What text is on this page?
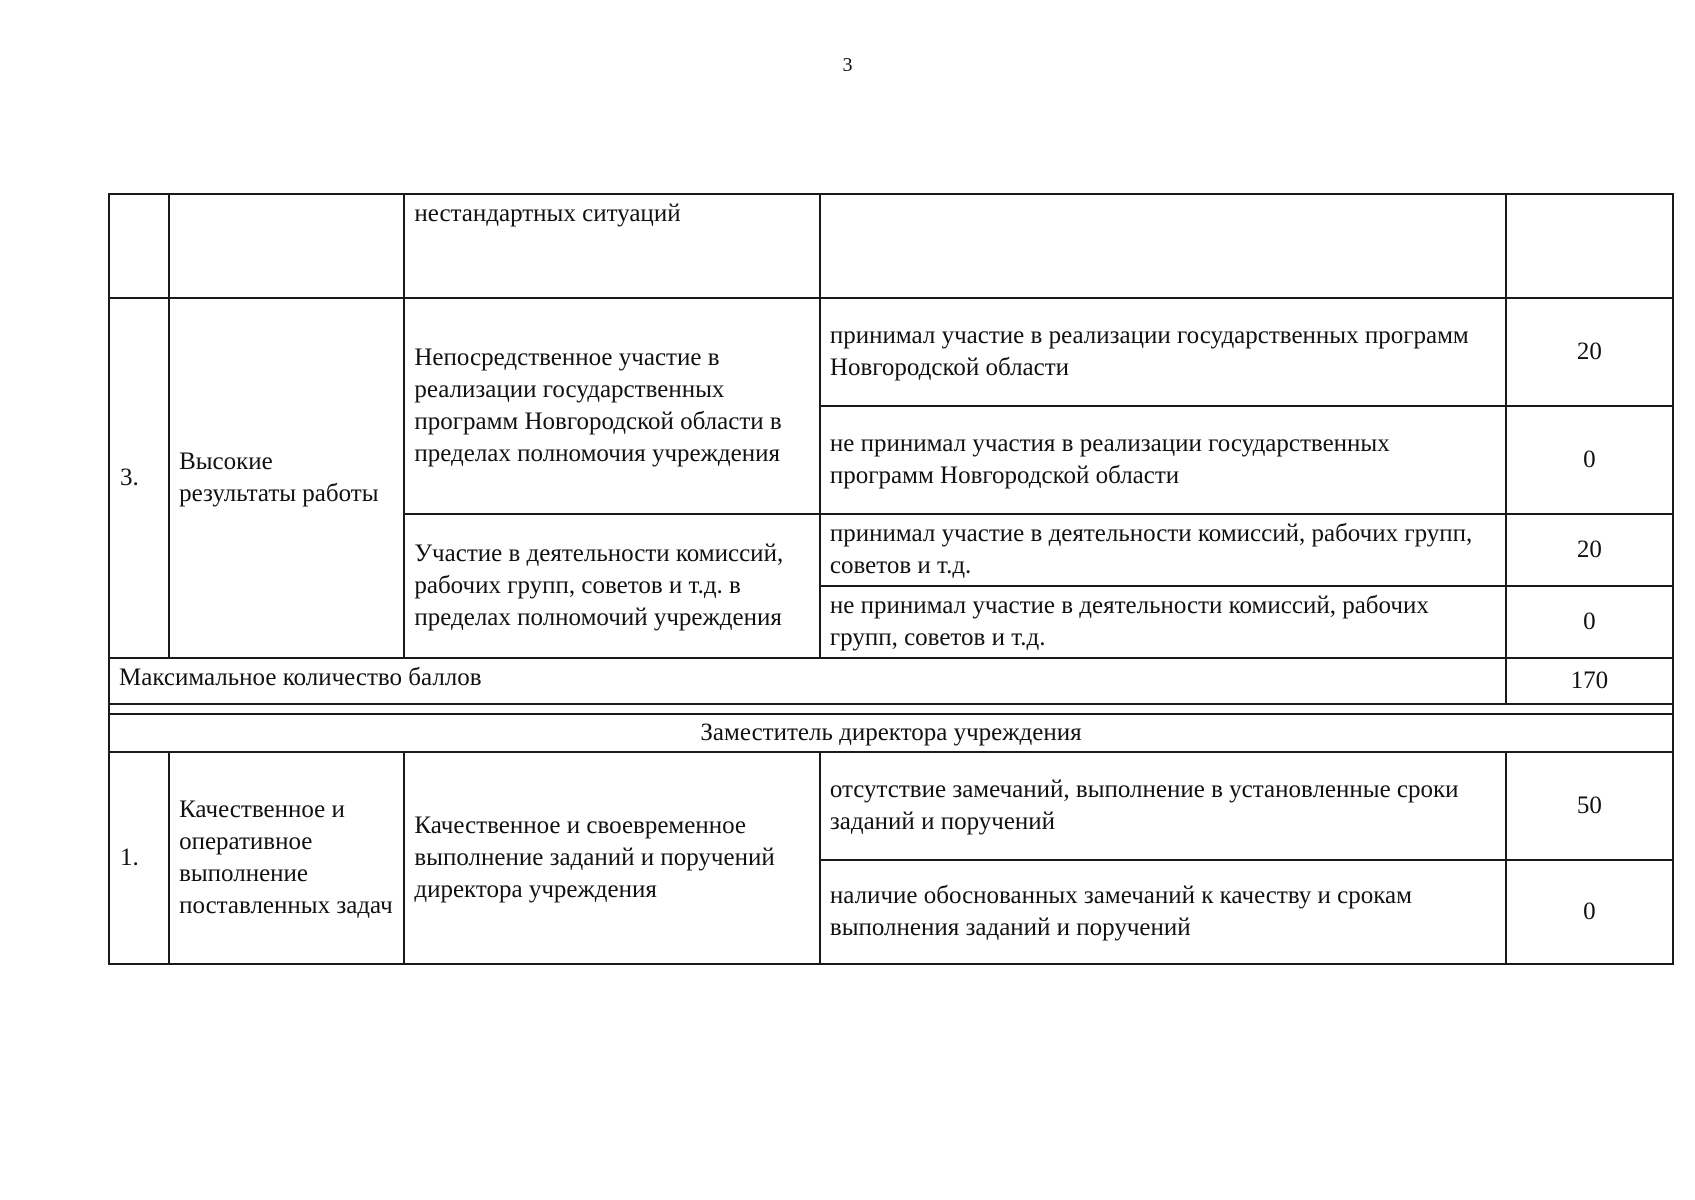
3
		нестандартных ситуаций		
3.	Высокие результаты работы	Непосредственное участие в реализации государственных программ Новгородской области в пределах полномочия учреждения	принимал участие в реализации государственных программ Новгородской области	20
			не принимал участия в реализации государственных программ Новгородской области	0
		Участие в деятельности комиссий, рабочих групп, советов и т.д. в пределах полномочий учреждения	принимал участие в деятельности комиссий, рабочих групп, советов и т.д.	20
			не принимал участие в деятельности комиссий, рабочих групп, советов и т.д.	0
Максимальное количество баллов				170

Заместитель директора учреждения				
1.	Качественное и оперативное выполнение поставленных задач	Качественное и своевременное выполнение заданий и поручений директора учреждения	отсутствие замечаний, выполнение в установленные сроки заданий и поручений	50
			наличие обоснованных замечаний к качеству и срокам выполнения заданий и поручений	0
